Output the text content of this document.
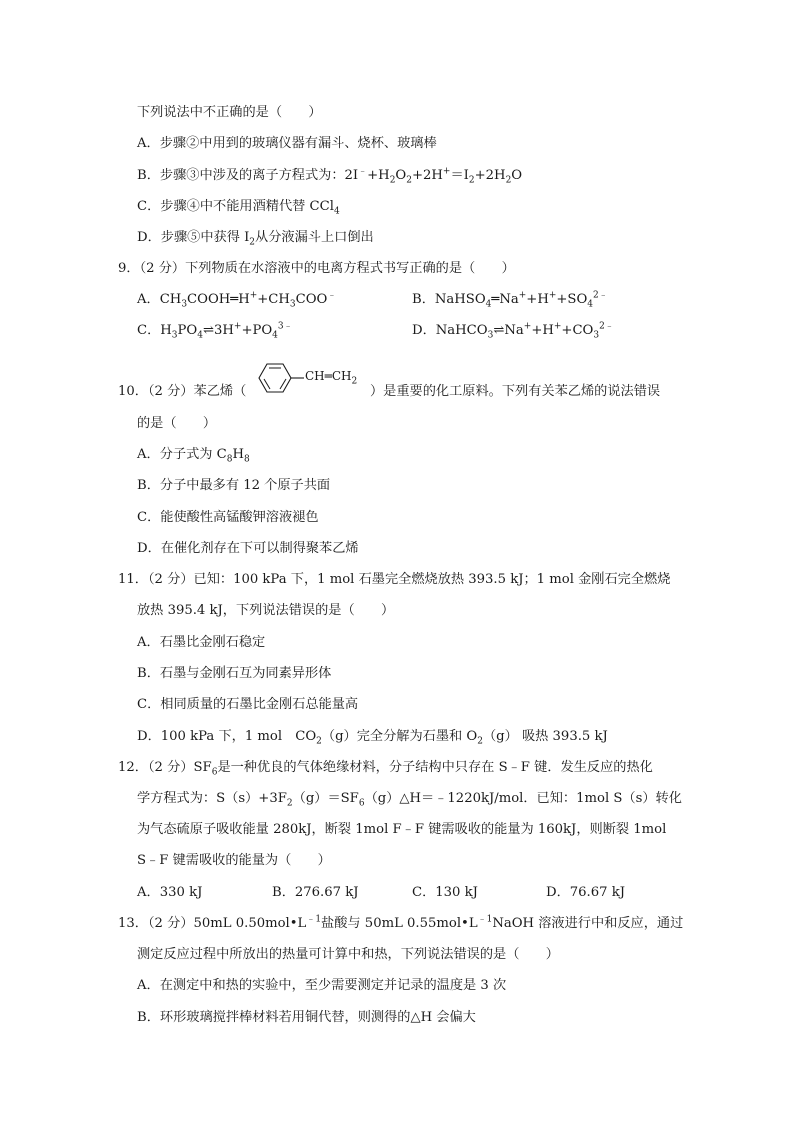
下列说法中不正确的是（　　）
A．步骤②中用到的玻璃仪器有漏斗、烧杯、玻璃棒
B．步骤③中涉及的离子方程式为：$2I^﹣+H_2O_2+2H^+=I_2+2H_2O$
C．步骤④中不能用酒精代替 CCl$_4$
D．步骤⑤中获得 $I_2$从分液漏斗上口倒出
9．（2 分）下列物质在水溶液中的电离方程式书写正确的是（　　）
A．$CH_3COOH═H^++CH_3COO^﹣$	B．$NaHSO_4═Na^++H^++SO_4^{2﹣}$
C．$H_3PO_4\rightleftharpoons 3H^++PO_4^{3﹣}$	D．$NaHCO_3\rightleftharpoons Na^++H^++CO_3^{2﹣}$
10．（2 分）苯乙烯（
$CH═CH_2$
）是重要的化工原料。下列有关苯乙烯的说法错误
的是（　　）
A．分子式为 $C_8H_8$
B．分子中最多有 12 个原子共面
C．能使酸性高锰酸钾溶液褪色
D．在催化剂存在下可以制得聚苯乙烯
11．（2 分）已知：100 kPa 下，1 mol 石墨完全燃烧放热 393.5 kJ；1 mol 金刚石完全燃烧
放热 395.4 kJ，下列说法错误的是（　　）
A．石墨比金刚石稳定
B．石墨与金刚石互为同素异形体
C．相同质量的石墨比金刚石总能量高
D．100 kPa 下，1 mol　$CO_2(g)$完全分解为石墨和 $O_2(g)$ 吸热 393.5 kJ
12．（2 分）$SF_6$是一种优良的气体绝缘材料，分子结构中只存在 S﹣F 键．发生反应的热化
学方程式为：$S(s)+3F_2(g)=SF_6(g)\triangle H=﹣1220kJ$/mol．已知：1mol S（s）转化
为气态硫原子吸收能量 280kJ，断裂 1mol F﹣F 键需吸收的能量为 160kJ，则断裂 1mol
S﹣F 键需吸收的能量为（　　）
A．330 kJ	B．276.67 kJ	C．130 kJ	D．76.67 kJ
13．（2 分）50mL $0.50mol•L^{﹣1}$盐酸与 50mL $0.55mol•L^{﹣1}NaOH$ 溶液进行中和反应，通过
测定反应过程中所放出的热量可计算中和热，下列说法错误的是（　　）
A．在测定中和热的实验中，至少需要测定并记录的温度是 3 次
B．环形玻璃搅拌棒材料若用铜代替，则测得的△H 会偏大
